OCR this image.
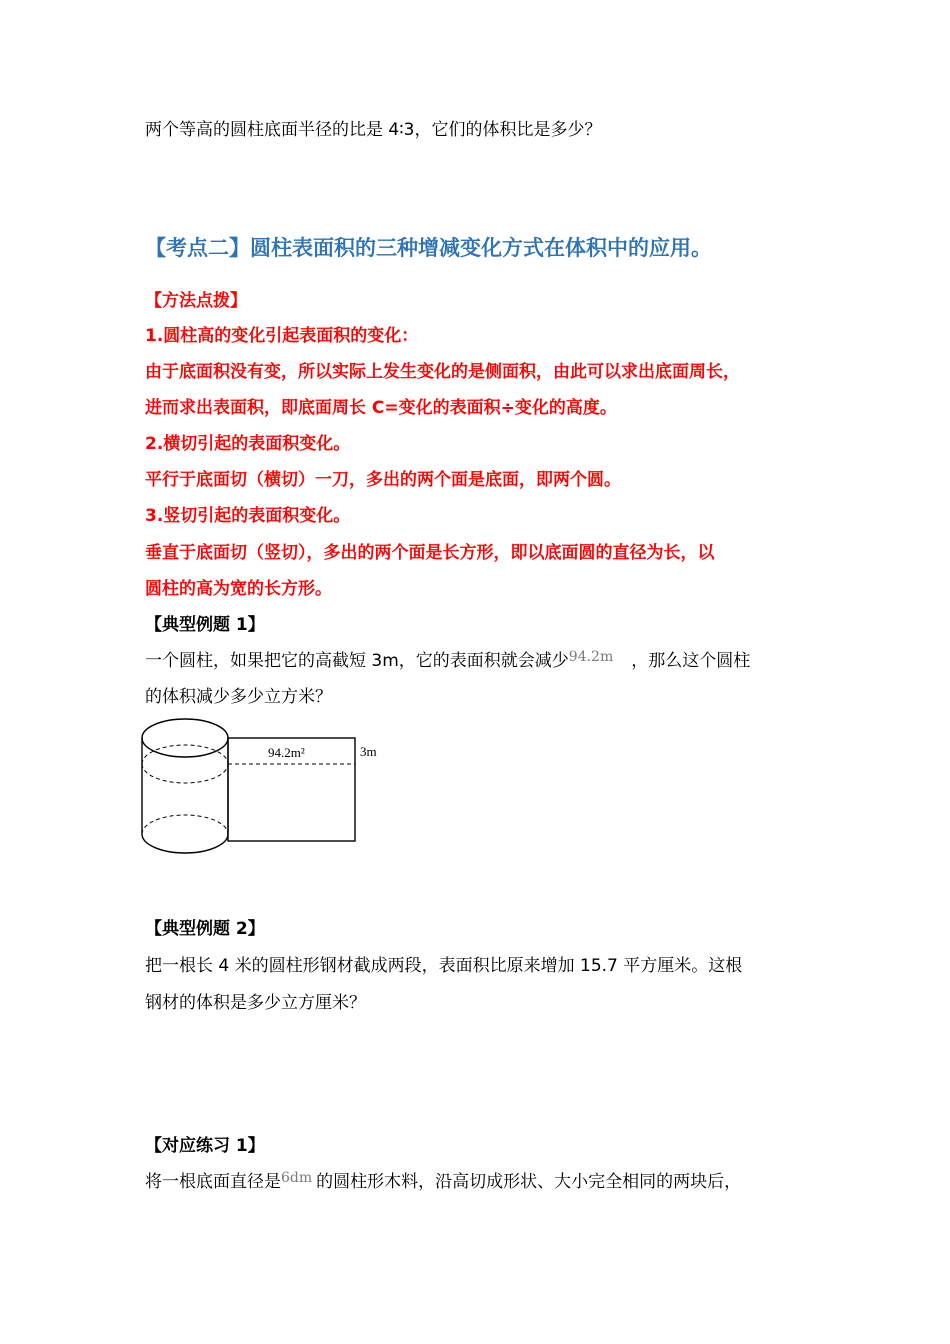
两个等高的圆柱底面半径的比是 4∶3，它们的体积比是多少？
【考点二】圆柱表面积的三种增减变化方式在体积中的应用。
【方法点拨】
1.圆柱高的变化引起表面积的变化：
由于底面积没有变，所以实际上发生变化的是侧面积，由此可以求出底面周长，
进而求出表面积，即底面周长 C=变化的表面积÷变化的高度。
2.横切引起的表面积变化。
平行于底面切（横切）一刀，多出的两个面是底面，即两个圆。
3.竖切引起的表面积变化。
垂直于底面切（竖切），多出的两个面是长方形，即以底面圆的直径为长，以
圆柱的高为宽的长方形。
【典型例题 1】
一个圆柱，如果把它的高截短 3m，它的表面积就会减少$^{94.2m}$ ，那么这个圆柱
的体积减少多少立方米？
94.2m²	3m
【典型例题 2】
把一根长 4 米的圆柱形钢材截成两段，表面积比原来增加 15.7 平方厘米。这根
钢材的体积是多少立方厘米？
【对应练习 1】
将一根底面直径是$^{6dm}$ 的圆柱形木料，沿高切成形状、大小完全相同的两块后，
